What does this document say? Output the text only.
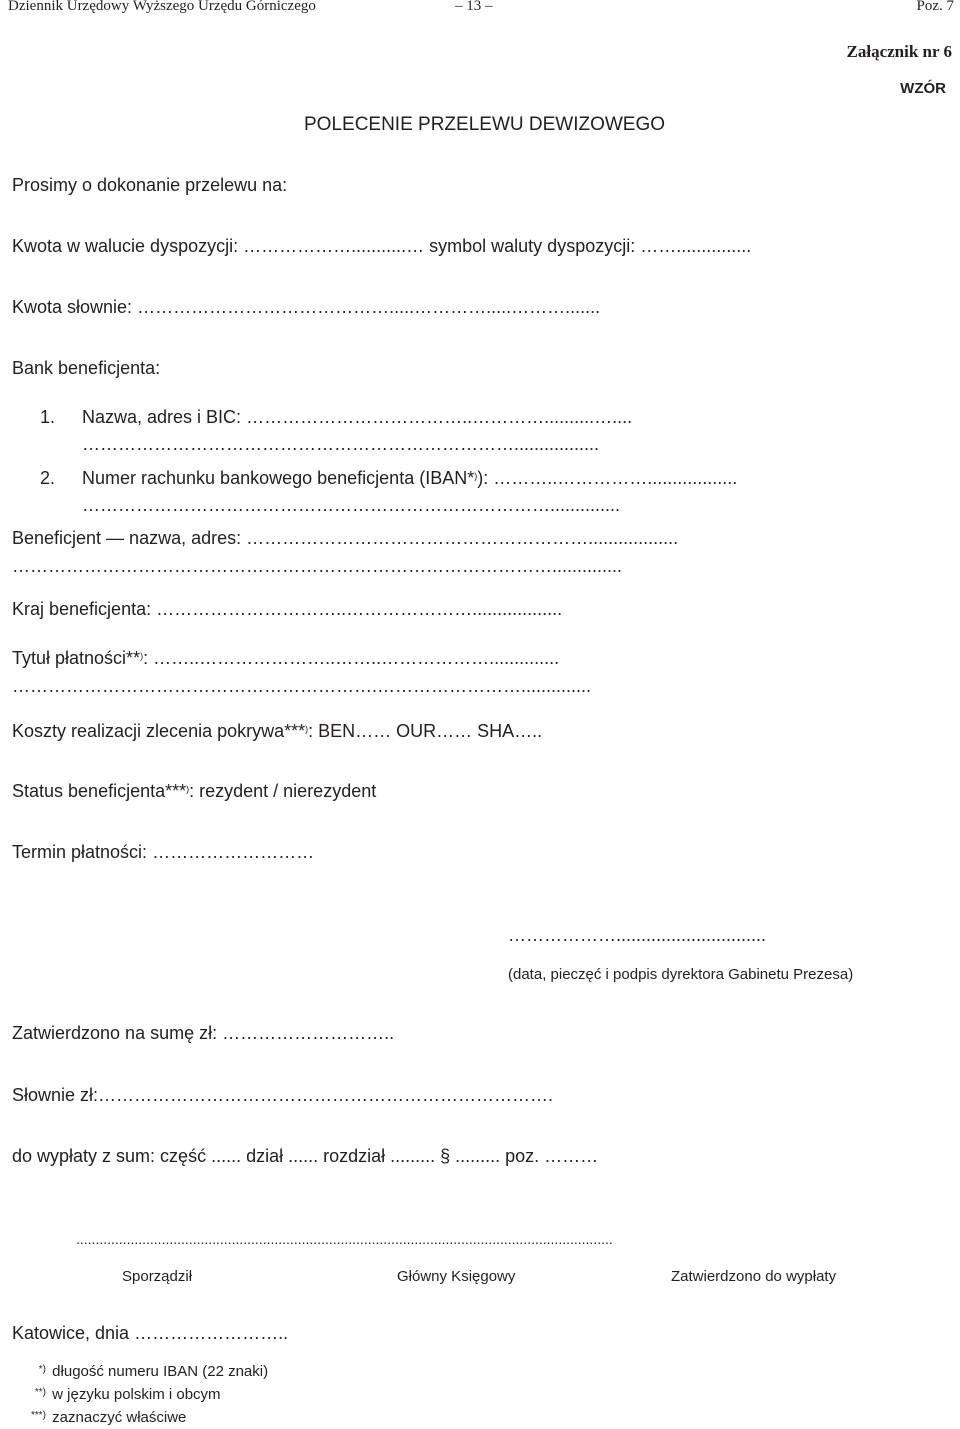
Dziennik Urzędowy Wyższego Urzędu Górniczego	– 13 –	Poz. 7
Załącznik nr 6
WZÓR
POLECENIE PRZELEWU DEWIZOWEGO
Prosimy o dokonanie przelewu na:
Kwota w walucie dyspozycji: ………………...........… symbol waluty dyspozycji: ……...............
Kwota słownie: …………………………………….....………….....……….......
Bank beneficjenta:
1. Nazwa, adres i BIC: ………………………………..…………..........…....
……………………………………………………………….................
2. Numer rachunku bankowego beneficjenta (IBAN*)): ………..……………..................
……………………………………………………………………..............
Beneficjent — nazwa, adres: …………………………………………………..................
………………………………………………………………………………..............
Kraj beneficjenta: …………………………..…………………..................
Tytuł płatności**): ……..…………………..……..………………..............
…………………………………………………….……………………..............
Koszty realizacji zlecenia pokrywa***): BEN…… OUR…… SHA…..
Status beneficjenta***): rezydent / nierezydent
Termin płatności: ………………………
………………..............................
(data, pieczęć i podpis dyrektora Gabinetu Prezesa)
Zatwierdzono na sumę zł: ………………………..
Słownie zł:………………………………………………………………….
do wypłaty z sum: część ...... dział ...... rozdział ......... § ......... poz. ………
..........................................................................................................................................
Sporządził	Główny Księgowy	Zatwierdzono do wypłaty
Katowice, dnia ……………………..
*) długość numeru IBAN (22 znaki)
**) w języku polskim i obcym
***) zaznaczyć właściwe
